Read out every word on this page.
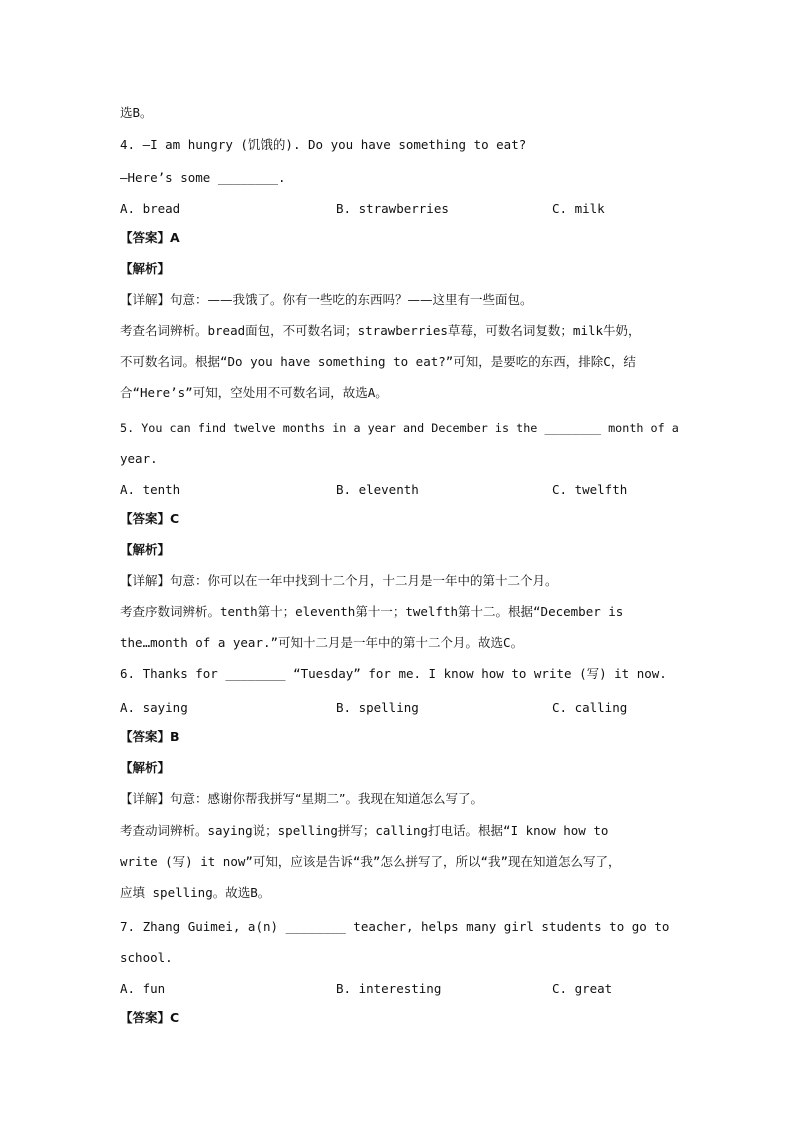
选B。
4. —I am hungry (饥饿的). Do you have something to eat?
—Here’s some ________.
A. bread	B. strawberries	C. milk
【答案】A
【解析】
【详解】句意：——我饿了。你有一些吃的东西吗？——这里有一些面包。
考查名词辨析。bread面包，不可数名词；strawberries草莓，可数名词复数；milk牛奶，
不可数名词。根据“Do you have something to eat?”可知，是要吃的东西，排除C，结
合“Here’s”可知，空处用不可数名词，故选A。
5. You can find twelve months in a year and December is the ________ month of a
year.
A. tenth	B. eleventh	C. twelfth
【答案】C
【解析】
【详解】句意：你可以在一年中找到十二个月，十二月是一年中的第十二个月。
考查序数词辨析。tenth第十；eleventh第十一；twelfth第十二。根据“December is
the…month of a year.”可知十二月是一年中的第十二个月。故选C。
6. Thanks for ________ “Tuesday” for me. I know how to write (写) it now.
A. saying	B. spelling	C. calling
【答案】B
【解析】
【详解】句意：感谢你帮我拼写“星期二”。我现在知道怎么写了。
考查动词辨析。saying说；spelling拼写；calling打电话。根据“I know how to
write (写) it now”可知，应该是告诉“我”怎么拼写了，所以“我”现在知道怎么写了，
应填 spelling。故选B。
7. Zhang Guimei, a(n) ________ teacher, helps many girl students to go to
school.
A. fun	B. interesting	C. great
【答案】C
